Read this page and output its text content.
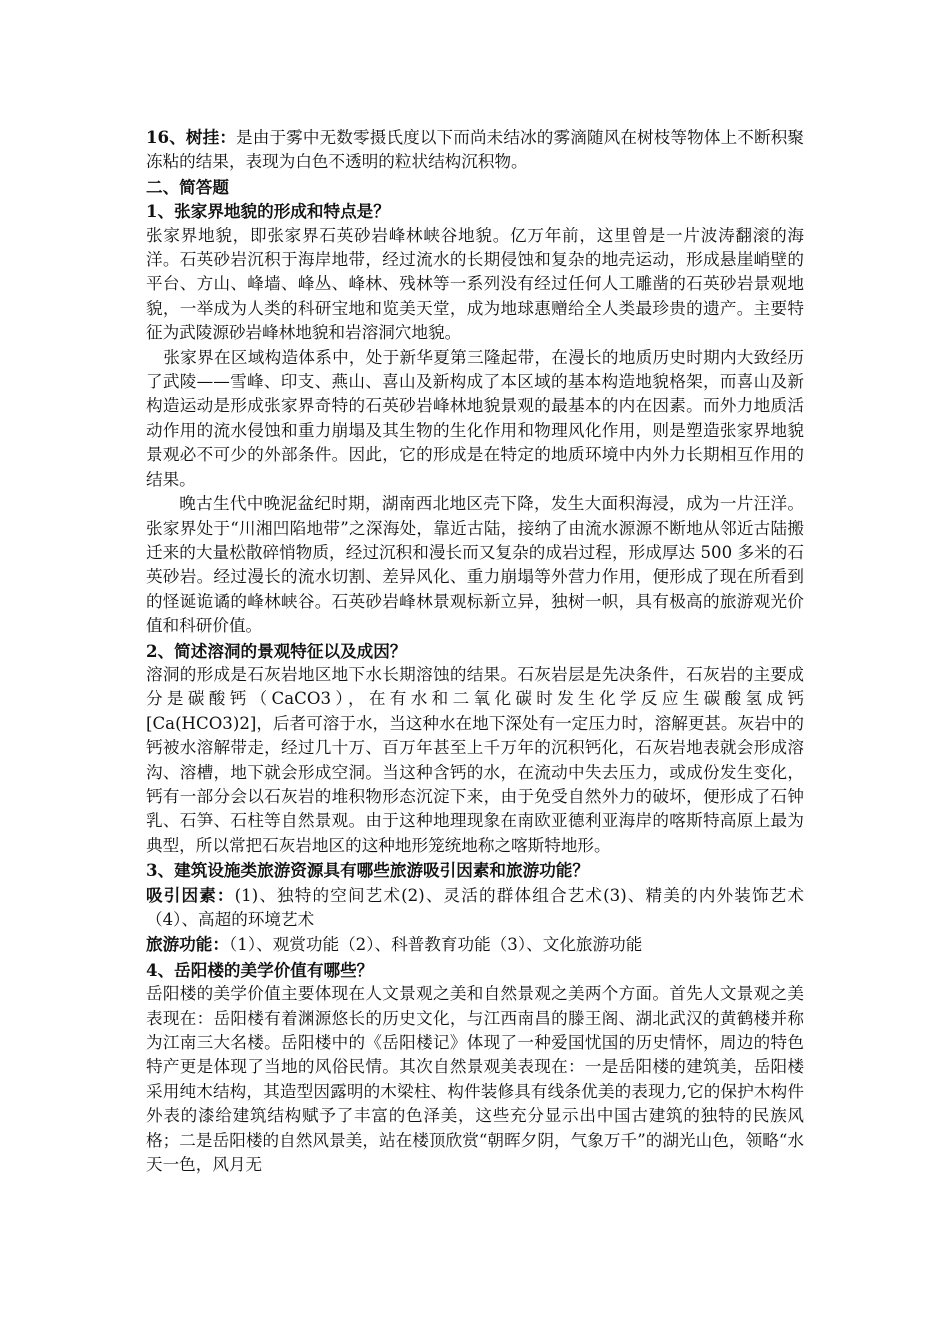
16、树挂：是由于雾中无数零摄氏度以下而尚未结冰的雾滴随风在树枝等物体上不断积聚冻粘的结果，表现为白色不透明的粒状结构沉积物。

二、简答题

1、张家界地貌的形成和特点是？

张家界地貌，即张家界石英砂岩峰林峡谷地貌。亿万年前，这里曾是一片波涛翻滚的海洋。石英砂岩沉积于海岸地带，经过流水的长期侵蚀和复杂的地壳运动，形成悬崖峭壁的平台、方山、峰墙、峰丛、峰林、残林等一系列没有经过任何人工雕凿的石英砂岩景观地貌，一举成为人类的科研宝地和览美天堂，成为地球惠赠给全人类最珍贵的遗产。主要特征为武陵源砂岩峰林地貌和岩溶洞穴地貌。

张家界在区域构造体系中，处于新华夏第三隆起带，在漫长的地质历史时期内大致经历了武陵——雪峰、印支、燕山、喜山及新构成了本区域的基本构造地貌格架，而喜山及新构造运动是形成张家界奇特的石英砂岩峰林地貌景观的最基本的内在因素。而外力地质活动作用的流水侵蚀和重力崩塌及其生物的生化作用和物理风化作用，则是塑造张家界地貌景观必不可少的外部条件。因此，它的形成是在特定的地质环境中内外力长期相互作用的结果。

晚古生代中晚泥盆纪时期，湖南西北地区壳下降，发生大面积海浸，成为一片汪洋。张家界处于“川湘凹陷地带”之深海处，靠近古陆，接纳了由流水源源不断地从邻近古陆搬迁来的大量松散碎悄物质，经过沉积和漫长而又复杂的成岩过程，形成厚达 500 多米的石英砂岩。经过漫长的流水切割、差异风化、重力崩塌等外营力作用，便形成了现在所看到的怪诞诡谲的峰林峡谷。石英砂岩峰林景观标新立异，独树一帜，具有极高的旅游观光价值和科研价值。

2、简述溶洞的景观特征以及成因？

溶洞的形成是石灰岩地区地下水长期溶蚀的结果。石灰岩层是先决条件，石灰岩的主要成分是碳酸钙（CaCO3），在有水和二氧化碳时发生化学反应生碳酸氢成钙[Ca(HCO3)2]，后者可溶于水，当这种水在地下深处有一定压力时，溶解更甚。灰岩中的钙被水溶解带走，经过几十万、百万年甚至上千万年的沉积钙化，石灰岩地表就会形成溶沟、溶槽，地下就会形成空洞。当这种含钙的水，在流动中失去压力，或成份发生变化，钙有一部分会以石灰岩的堆积物形态沉淀下来，由于免受自然外力的破坏，便形成了石钟乳、石笋、石柱等自然景观。由于这种地理现象在南欧亚德利亚海岸的喀斯特高原上最为典型，所以常把石灰岩地区的这种地形笼统地称之喀斯特地形。

3、建筑设施类旅游资源具有哪些旅游吸引因素和旅游功能？

吸引因素：(1)、独特的空间艺术(2)、灵活的群体组合艺术(3)、精美的内外装饰艺术（4）、高超的环境艺术

旅游功能：（1）、观赏功能（2）、科普教育功能（3）、文化旅游功能

4、岳阳楼的美学价值有哪些？

岳阳楼的美学价值主要体现在人文景观之美和自然景观之美两个方面。首先人文景观之美表现在：岳阳楼有着渊源悠长的历史文化，与江西南昌的滕王阁、湖北武汉的黄鹤楼并称为江南三大名楼。岳阳楼中的《岳阳楼记》体现了一种爱国忧国的历史情怀，周边的特色特产更是体现了当地的风俗民情。其次自然景观美表现在：一是岳阳楼的建筑美，岳阳楼采用纯木结构，其造型因露明的木梁柱、构件装修具有线条优美的表现力,它的保护木构件外表的漆给建筑结构赋予了丰富的色泽美，这些充分显示出中国古建筑的独特的民族风格；二是岳阳楼的自然风景美，站在楼顶欣赏“朝晖夕阴，气象万千”的湖光山色，领略“水天一色，风月无
